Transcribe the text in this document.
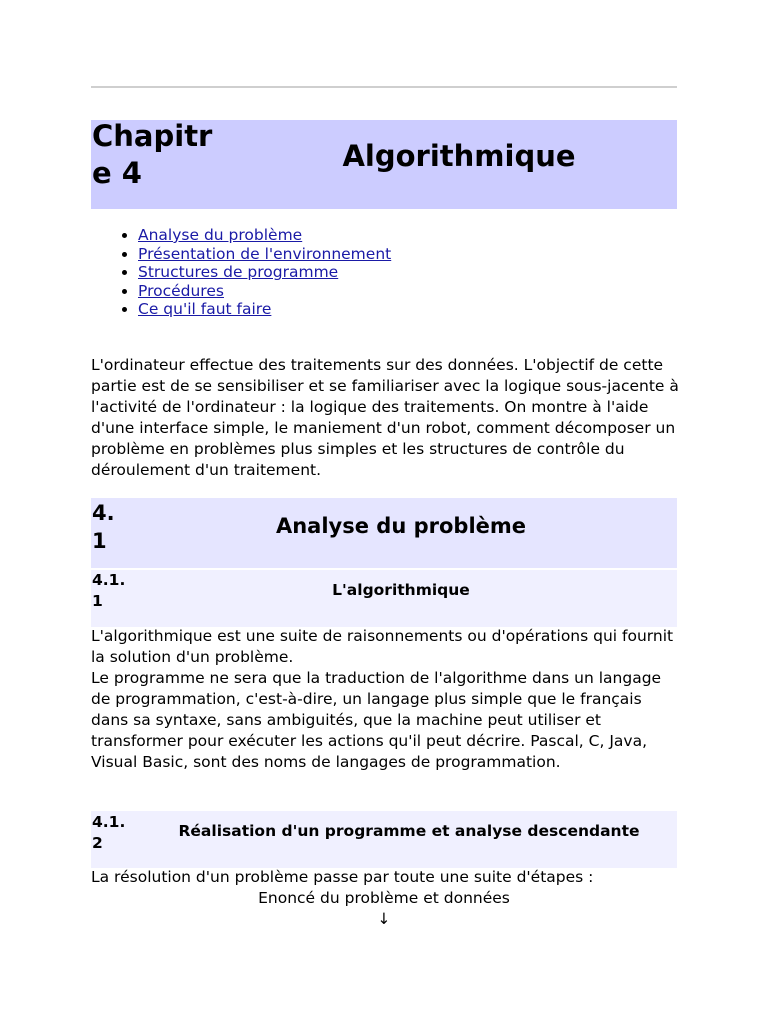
Chapitre 4	Algorithmique
• Analyse du problème
• Présentation de l'environnement
• Structures de programme
• Procédures
• Ce qu'il faut faire

L'ordinateur effectue des traitements sur des données. L'objectif de cette partie est de se sensibiliser et se familiariser avec la logique sous-jacente à l'activité de l'ordinateur : la logique des traitements. On montre à l'aide d'une interface simple, le maniement d'un robot, comment décomposer un problème en problèmes plus simples et les structures de contrôle du déroulement d'un traitement.

4.1
Analyse du problème
4.1.1
L'algorithmique

L'algorithmique est une suite de raisonnements ou d'opérations qui fournit la solution d'un problème.

Le programme ne sera que la traduction de l'algorithme dans un langage de programmation, c'est-à-dire, un langage plus simple que le français dans sa syntaxe, sans ambiguités, que la machine peut utiliser et transformer pour exécuter les actions qu'il peut décrire. Pascal, C, Java, Visual Basic, sont des noms de langages de programmation.

4.1.2
Réalisation d'un programme et analyse descendante

La résolution d'un problème passe par toute une suite d'étapes :

Enoncé du problème et données
↓
